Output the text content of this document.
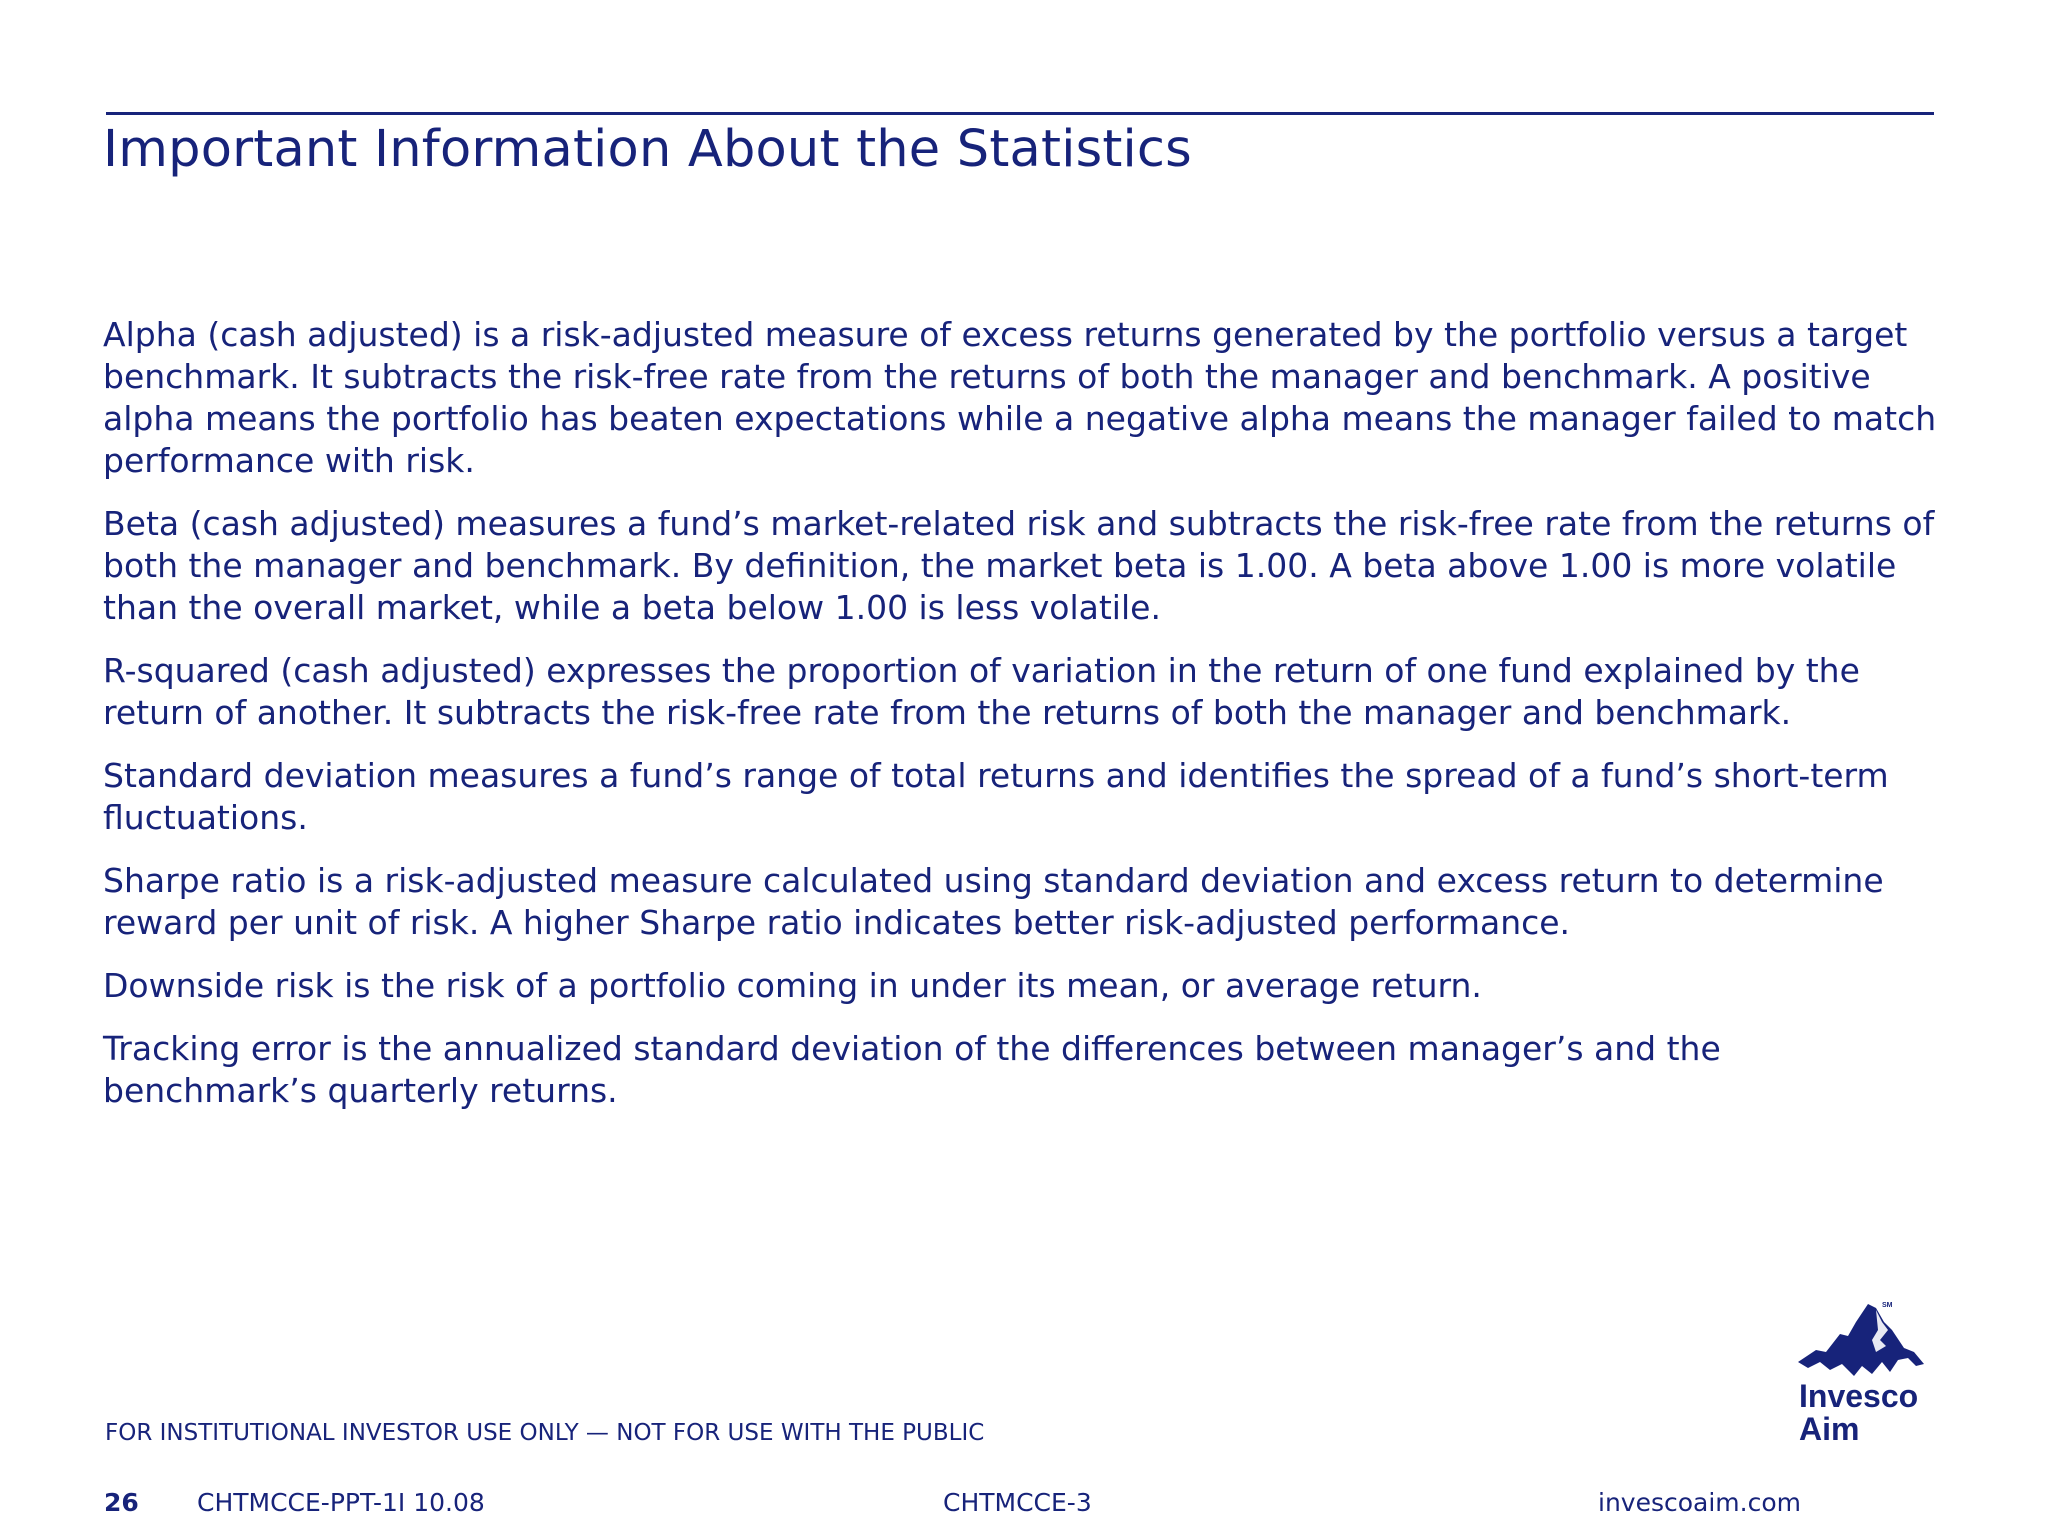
Important Information About the Statistics

Alpha (cash adjusted) is a risk-adjusted measure of excess returns generated by the portfolio versus a target benchmark. It subtracts the risk-free rate from the returns of both the manager and benchmark. A positive alpha means the portfolio has beaten expectations while a negative alpha means the manager failed to match performance with risk.

Beta (cash adjusted) measures a fund’s market-related risk and subtracts the risk-free rate from the returns of both the manager and benchmark. By definition, the market beta is 1.00. A beta above 1.00 is more volatile than the overall market, while a beta below 1.00 is less volatile.

R-squared (cash adjusted) expresses the proportion of variation in the return of one fund explained by the return of another. It subtracts the risk-free rate from the returns of both the manager and benchmark.

Standard deviation measures a fund’s range of total returns and identifies the spread of a fund’s short-term fluctuations.

Sharpe ratio is a risk-adjusted measure calculated using standard deviation and excess return to determine reward per unit of risk. A higher Sharpe ratio indicates better risk-adjusted performance.

Downside risk is the risk of a portfolio coming in under its mean, or average return.

Tracking error is the annualized standard deviation of the differences between manager’s and the benchmark’s quarterly returns.

FOR INSTITUTIONAL INVESTOR USE ONLY — NOT FOR USE WITH THE PUBLIC
SM
Invesco
Aim
26 CHTMCCE-PPT-1I 10.08	CHTMCCE-3	invescoaim.com
